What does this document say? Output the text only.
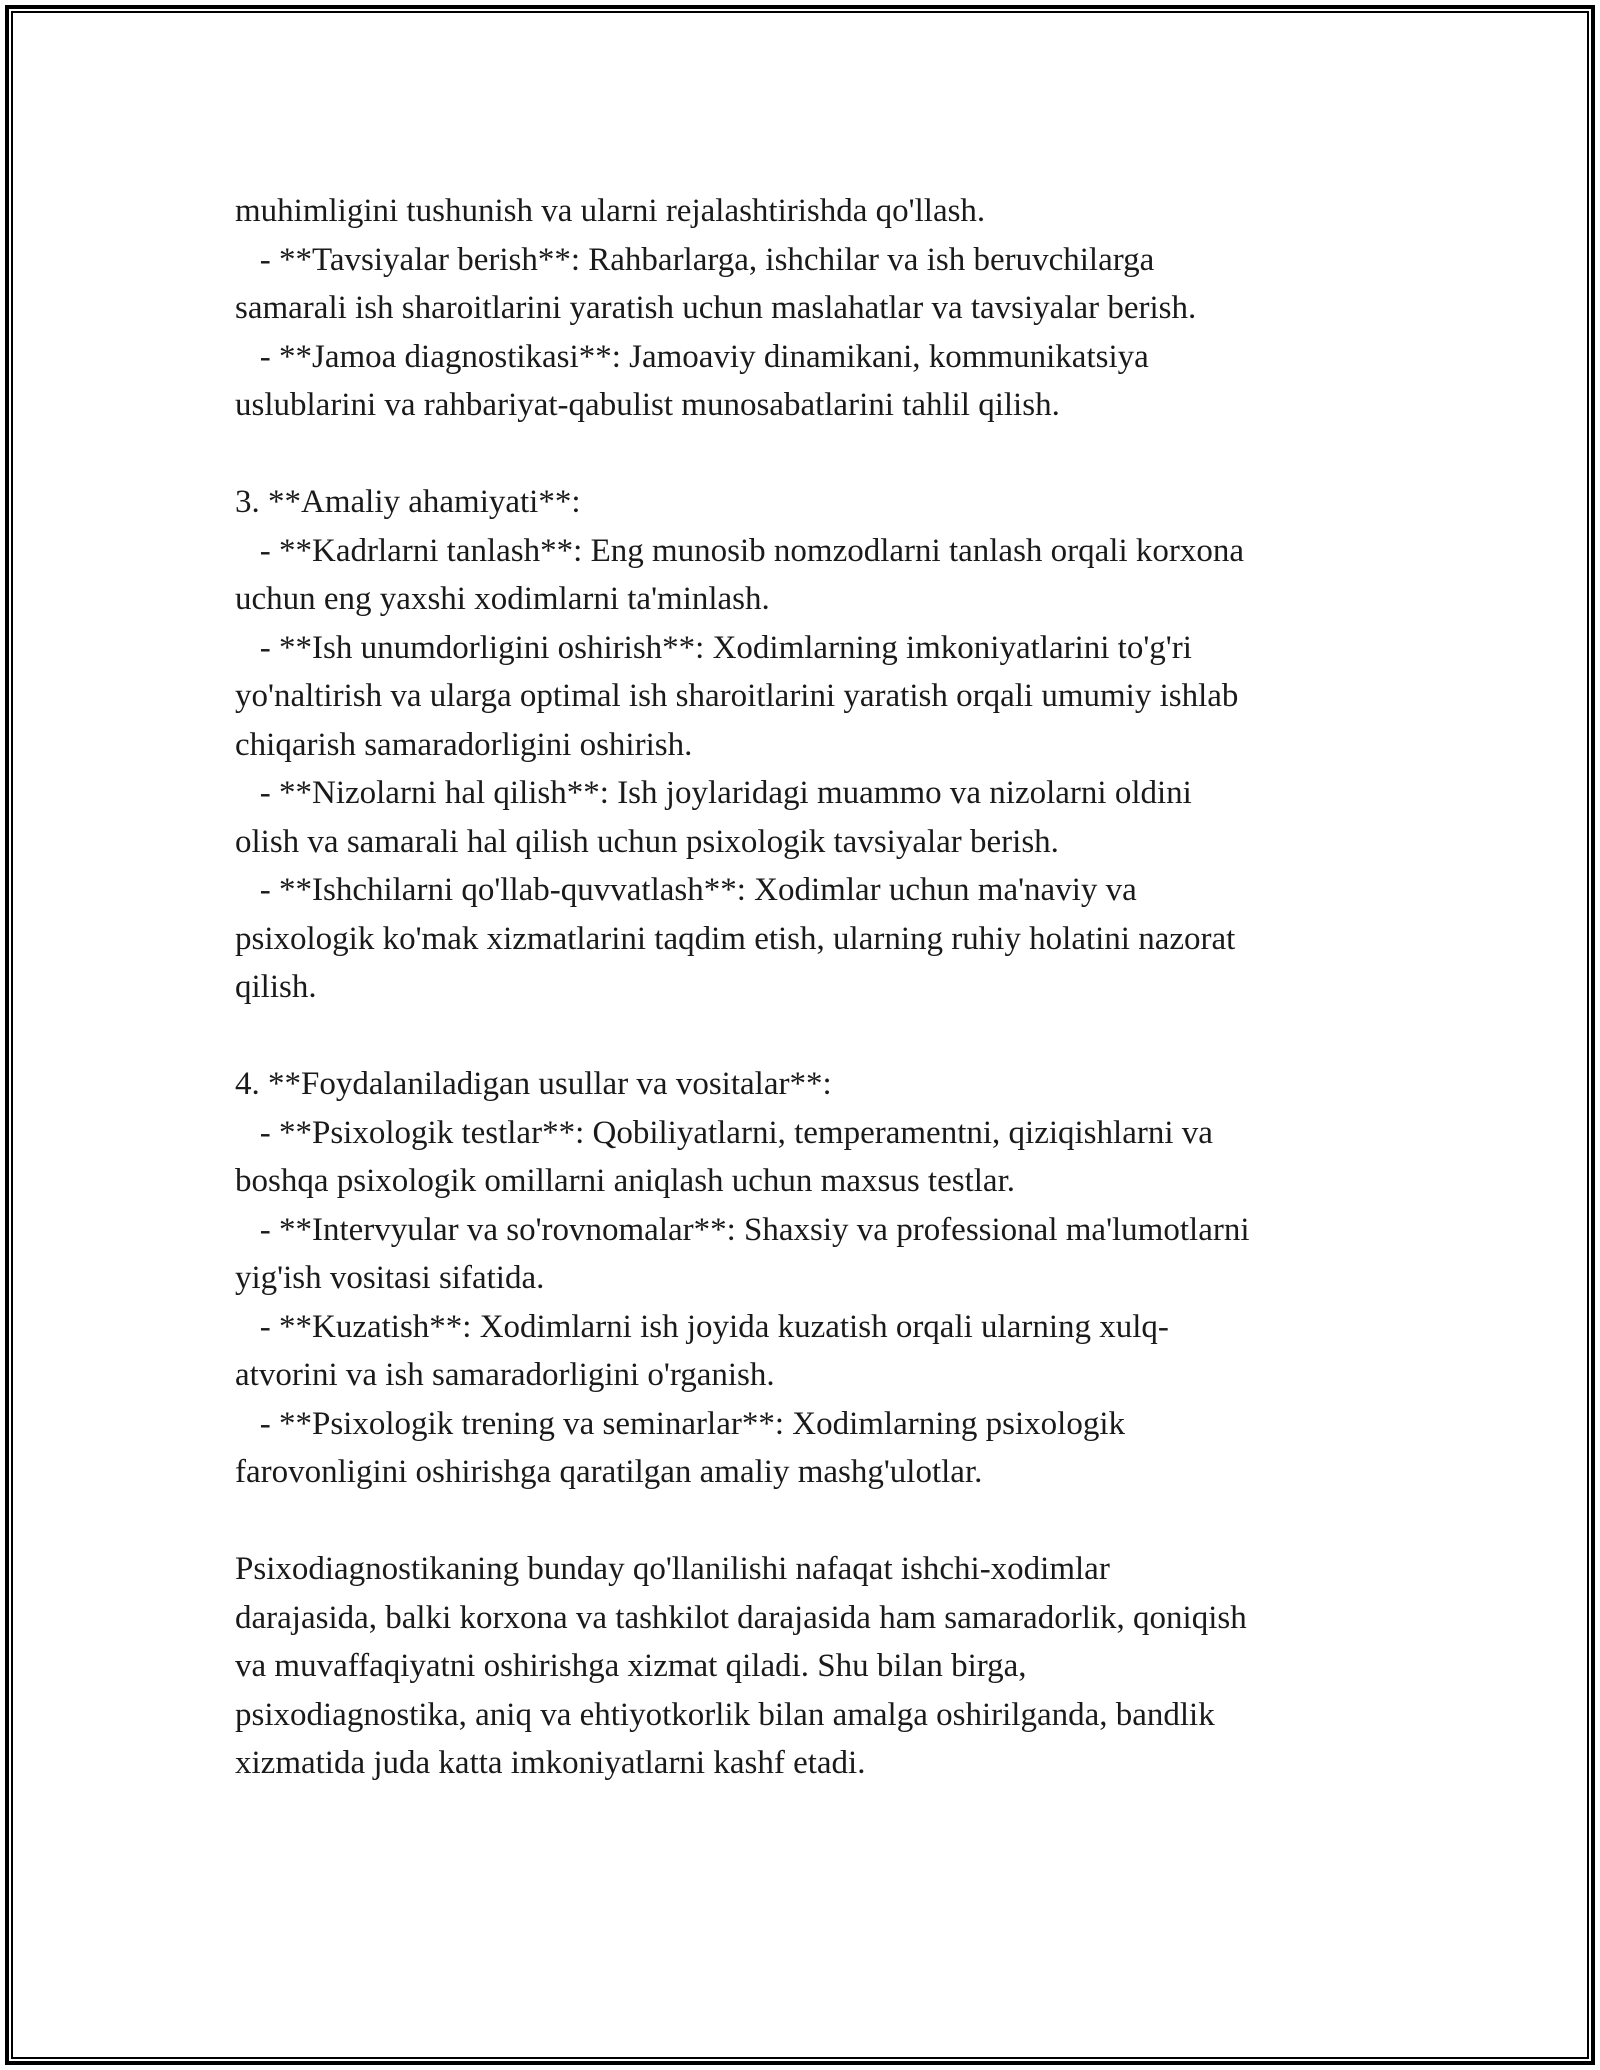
muhimligini tushunish va ularni rejalashtirishda qo'llash.
- **Tavsiyalar berish**: Rahbarlarga, ishchilar va ish beruvchilarga
samarali ish sharoitlarini yaratish uchun maslahatlar va tavsiyalar berish.
- **Jamoa diagnostikasi**: Jamoaviy dinamikani, kommunikatsiya
uslublarini va rahbariyat-qabulist munosabatlarini tahlil qilish.
3. **Amaliy ahamiyati**:
- **Kadrlarni tanlash**: Eng munosib nomzodlarni tanlash orqali korxona
uchun eng yaxshi xodimlarni ta'minlash.
- **Ish unumdorligini oshirish**: Xodimlarning imkoniyatlarini to'g'ri
yo'naltirish va ularga optimal ish sharoitlarini yaratish orqali umumiy ishlab
chiqarish samaradorligini oshirish.
- **Nizolarni hal qilish**: Ish joylaridagi muammo va nizolarni oldini
olish va samarali hal qilish uchun psixologik tavsiyalar berish.
- **Ishchilarni qo'llab-quvvatlash**: Xodimlar uchun ma'naviy va
psixologik ko'mak xizmatlarini taqdim etish, ularning ruhiy holatini nazorat
qilish.
4. **Foydalaniladigan usullar va vositalar**:
- **Psixologik testlar**: Qobiliyatlarni, temperamentni, qiziqishlarni va
boshqa psixologik omillarni aniqlash uchun maxsus testlar.
- **Intervyular va so'rovnomalar**: Shaxsiy va professional ma'lumotlarni
yig'ish vositasi sifatida.
- **Kuzatish**: Xodimlarni ish joyida kuzatish orqali ularning xulq-
atvorini va ish samaradorligini o'rganish.
- **Psixologik trening va seminarlar**: Xodimlarning psixologik
farovonligini oshirishga qaratilgan amaliy mashg'ulotlar.
Psixodiagnostikaning bunday qo'llanilishi nafaqat ishchi-xodimlar
darajasida, balki korxona va tashkilot darajasida ham samaradorlik, qoniqish
va muvaffaqiyatni oshirishga xizmat qiladi. Shu bilan birga,
psixodiagnostika, aniq va ehtiyotkorlik bilan amalga oshirilganda, bandlik
xizmatida juda katta imkoniyatlarni kashf etadi.
